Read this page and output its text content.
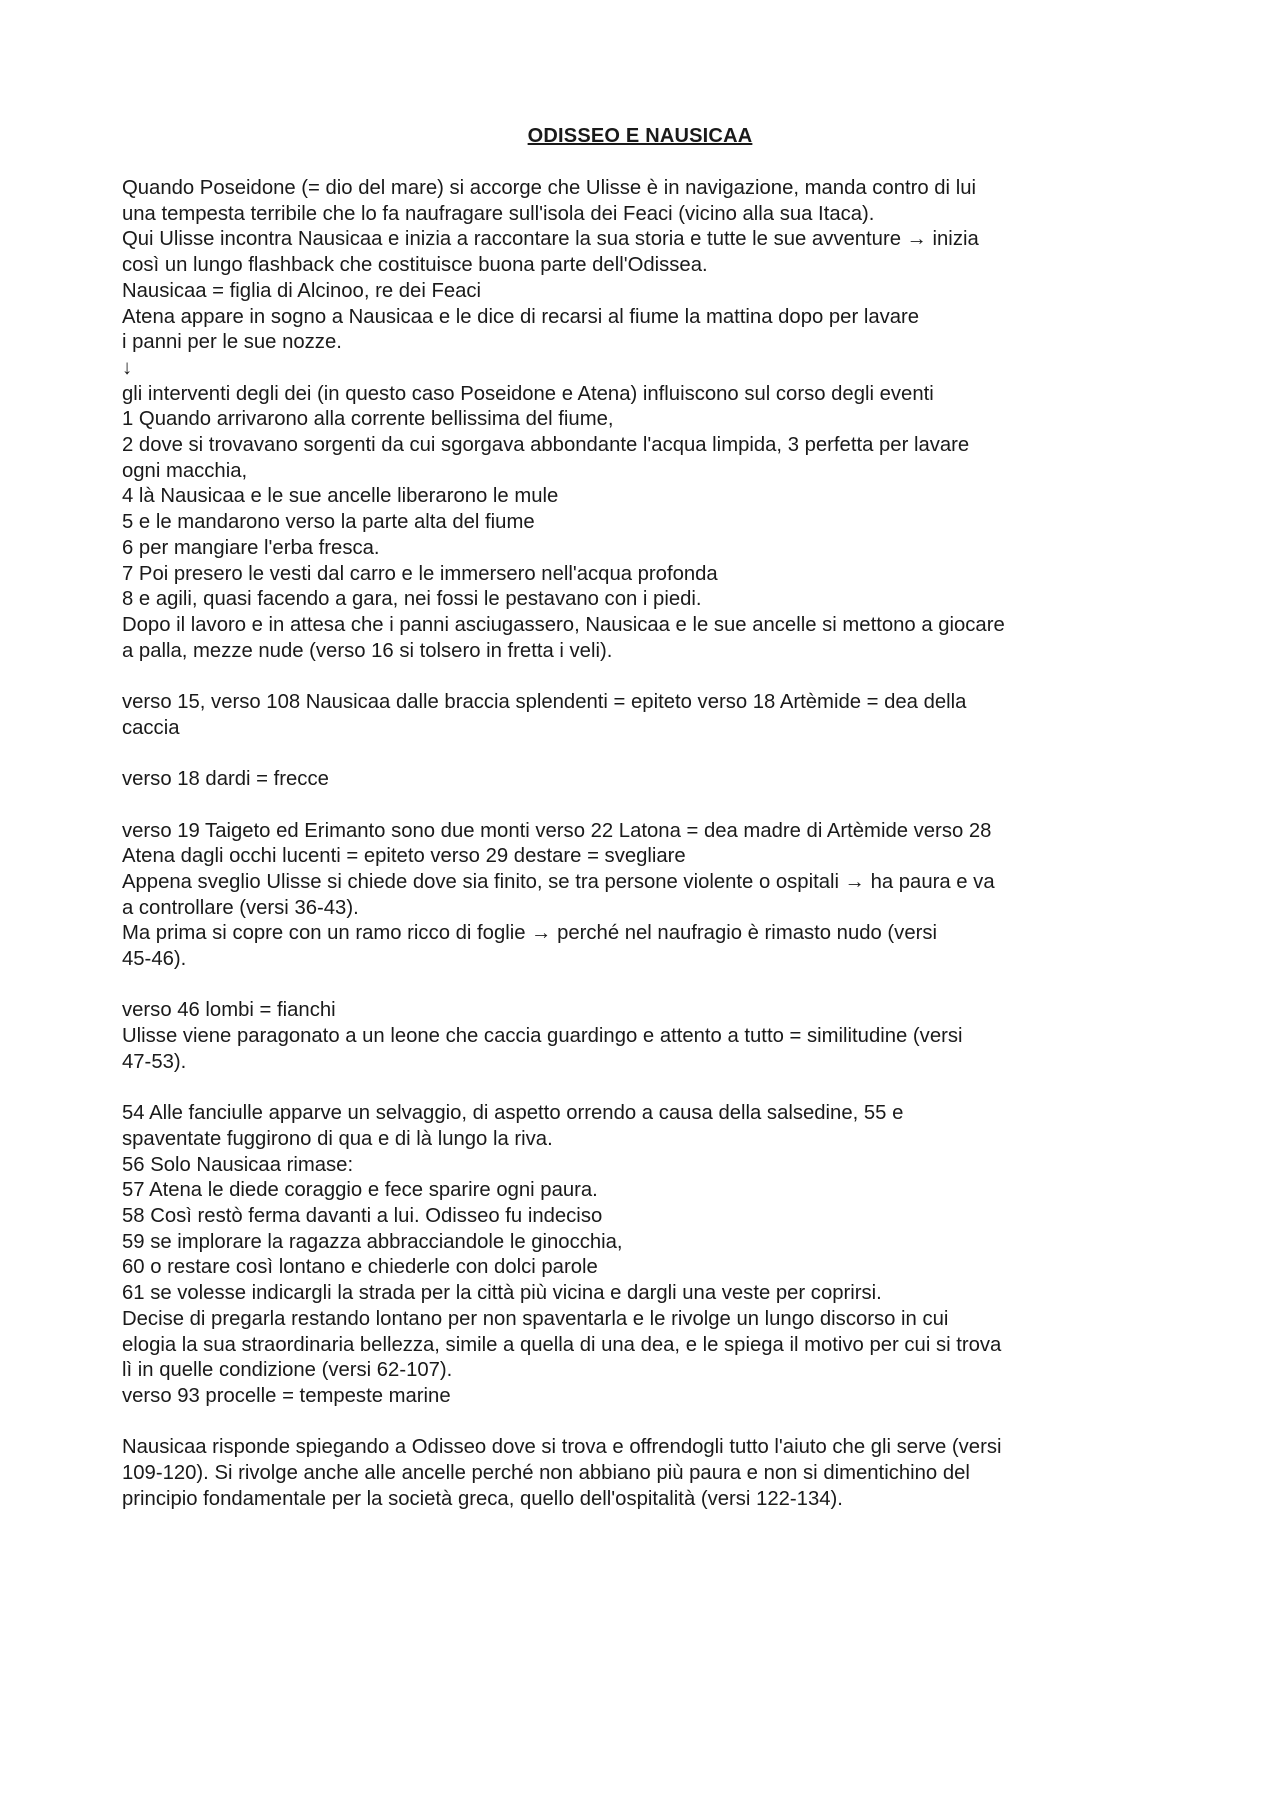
ODISSEO E NAUSICAA
Quando Poseidone (= dio del mare) si accorge che Ulisse è in navigazione, manda contro di lui
una tempesta terribile che lo fa naufragare sull'isola dei Feaci (vicino alla sua Itaca).
Qui Ulisse incontra Nausicaa e inizia a raccontare la sua storia e tutte le sue avventure → inizia
così un lungo flashback che costituisce buona parte dell'Odissea.
Nausicaa = figlia di Alcinoo, re dei Feaci
Atena appare in sogno a Nausicaa e le dice di recarsi al fiume la mattina dopo per lavare
i panni per le sue nozze.
↓
gli interventi degli dei (in questo caso Poseidone e Atena) influiscono sul corso degli eventi
1 Quando arrivarono alla corrente bellissima del fiume,
2 dove si trovavano sorgenti da cui sgorgava abbondante l'acqua limpida, 3 perfetta per lavare
ogni macchia,
4 là Nausicaa e le sue ancelle liberarono le mule
5 e le mandarono verso la parte alta del fiume
6 per mangiare l'erba fresca.
7 Poi presero le vesti dal carro e le immersero nell'acqua profonda
8 e agili, quasi facendo a gara, nei fossi le pestavano con i piedi.
Dopo il lavoro e in attesa che i panni asciugassero, Nausicaa e le sue ancelle si mettono a giocare
a palla, mezze nude (verso 16 si tolsero in fretta i veli).
verso 15, verso 108 Nausicaa dalle braccia splendenti = epiteto verso 18 Artèmide = dea della
caccia
verso 18 dardi = frecce
verso 19 Taigeto ed Erimanto sono due monti verso 22 Latona = dea madre di Artèmide verso 28
Atena dagli occhi lucenti = epiteto verso 29 destare = svegliare
Appena sveglio Ulisse si chiede dove sia finito, se tra persone violente o ospitali → ha paura e va
a controllare (versi 36-43).
Ma prima si copre con un ramo ricco di foglie → perché nel naufragio è rimasto nudo (versi
45-46).
verso 46 lombi = fianchi
Ulisse viene paragonato a un leone che caccia guardingo e attento a tutto = similitudine (versi
47-53).
54 Alle fanciulle apparve un selvaggio, di aspetto orrendo a causa della salsedine, 55 e
spaventate fuggirono di qua e di là lungo la riva.
56 Solo Nausicaa rimase:
57 Atena le diede coraggio e fece sparire ogni paura.
58 Così restò ferma davanti a lui. Odisseo fu indeciso
59 se implorare la ragazza abbracciandole le ginocchia,
60 o restare così lontano e chiederle con dolci parole
61 se volesse indicargli la strada per la città più vicina e dargli una veste per coprirsi.
Decise di pregarla restando lontano per non spaventarla e le rivolge un lungo discorso in cui
elogia la sua straordinaria bellezza, simile a quella di una dea, e le spiega il motivo per cui si trova
lì in quelle condizione (versi 62-107).
verso 93 procelle = tempeste marine
Nausicaa risponde spiegando a Odisseo dove si trova e offrendogli tutto l'aiuto che gli serve (versi
109-120). Si rivolge anche alle ancelle perché non abbiano più paura e non si dimentichino del
principio fondamentale per la società greca, quello dell'ospitalità (versi 122-134).
